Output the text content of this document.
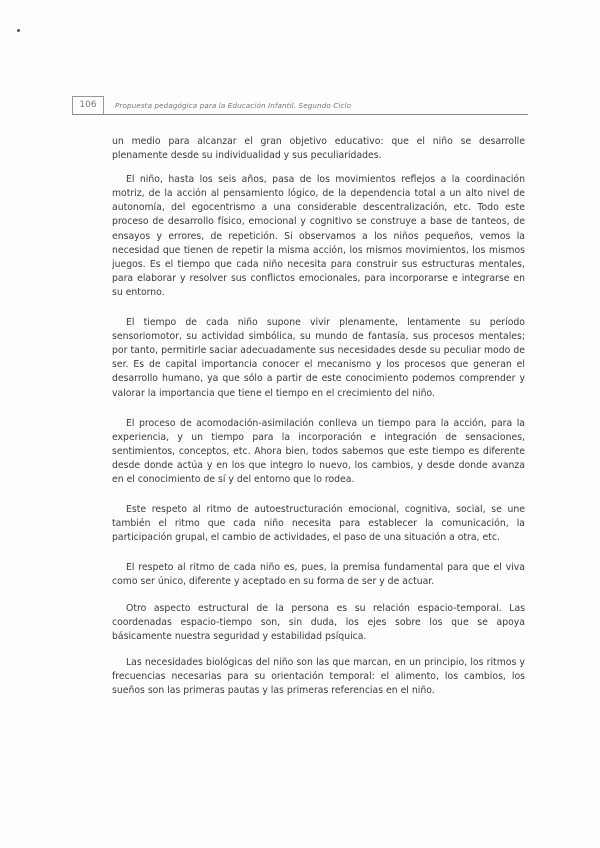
106	Propuesta pedagógica para la Educación Infantil. Segundo Ciclo

un medio para alcanzar el gran objetivo educativo: que el niño se desarrolle plenamente desde su individualidad y sus peculiaridades.

El niño, hasta los seis años, pasa de los movimientos reflejos a la coordinación motriz, de la acción al pensamiento lógico, de la dependencia total a un alto nivel de autonomía, del egocentrismo a una considerable descentralización, etc. Todo este proceso de desarrollo físico, emocional y cognitivo se construye a base de tanteos, de ensayos y errores, de repetición. Si observamos a los niños pequeños, vemos la necesidad que tienen de repetir la misma acción, los mismos movimientos, los mismos juegos. Es el tiempo que cada niño necesita para construir sus estructuras mentales, para elaborar y resolver sus conflictos emocionales, para incorporarse e integrarse en su entorno.

El tiempo de cada niño supone vivir plenamente, lentamente su período sensoriomotor, su actividad simbólica, su mundo de fantasía, sus procesos mentales; por tanto, permitirle saciar adecuadamente sus necesidades desde su peculiar modo de ser. Es de capital importancia conocer el mecanismo y los procesos que generan el desarrollo humano, ya que sólo a partir de este conocimiento podemos comprender y valorar la importancia que tiene el tiempo en el crecimiento del niño.

El proceso de acomodación-asimilación conlleva un tiempo para la acción, para la experiencia, y un tiempo para la incorporación e integración de sensaciones, sentimientos, conceptos, etc. Ahora bien, todos sabemos que este tiempo es diferente desde donde actúa y en los que integro lo nuevo, los cambios, y desde donde avanza en el conocimiento de sí y del entorno que lo rodea.

Este respeto al ritmo de autoestructuración emocional, cognitiva, social, se une también el ritmo que cada niño necesita para establecer la comunicación, la participación grupal, el cambio de actividades, el paso de una situación a otra, etc.

El respeto al ritmo de cada niño es, pues, la premisa fundamental para que el viva como ser único, diferente y aceptado en su forma de ser y de actuar.

Otro aspecto estructural de la persona es su relación espacio-temporal. Las coordenadas espacio-tiempo son, sin duda, los ejes sobre los que se apoya básicamente nuestra seguridad y estabilidad psíquica.

Las necesidades biológicas del niño son las que marcan, en un principio, los ritmos y frecuencias necesarias para su orientación temporal: el alimento, los cambios, los sueños son las primeras pautas y las primeras referencias en el niño.
